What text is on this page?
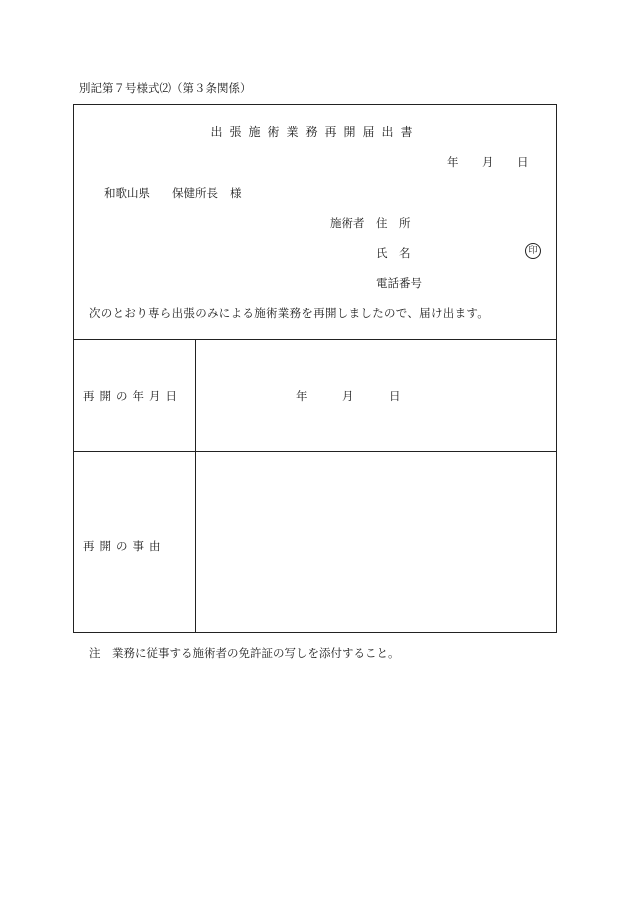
別記第７号様式⑵（第３条関係）
出張施術業務再開届出書
年 月 日
和歌山県 保健所長 様
施術者 住　所
氏　名	印
電話番号
次のとおり専ら出張のみによる施術業務を再開しましたので、届け出ます。
再開の年月日	年	月	日
再開の事由
注　業務に従事する施術者の免許証の写しを添付すること。
